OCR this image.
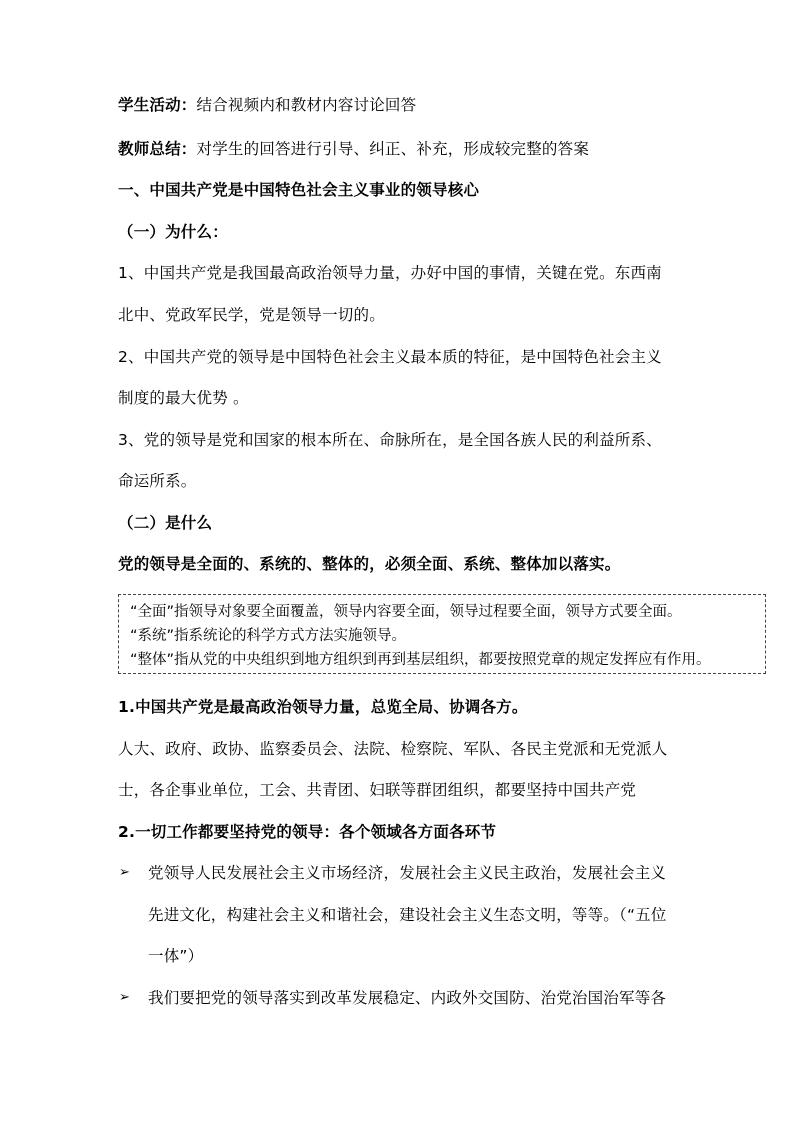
学生活动：结合视频内和教材内容讨论回答
教师总结：对学生的回答进行引导、纠正、补充，形成较完整的答案
一、中国共产党是中国特色社会主义事业的领导核心
（一）为什么：
1、中国共产党是我国最高政治领导力量，办好中国的事情，关键在党。东西南
北中、党政军民学，党是领导一切的。
2、中国共产党的领导是中国特色社会主义最本质的特征，是中国特色社会主义
制度的最大优势 。
3、党的领导是党和国家的根本所在、命脉所在，是全国各族人民的利益所系、
命运所系。
（二）是什么
党的领导是全面的、系统的、整体的，必须全面、系统、整体加以落实。
“全面”指领导对象要全面覆盖，领导内容要全面，领导过程要全面，领导方式要全面。
“系统”指系统论的科学方式方法实施领导。
“整体”指从党的中央组织到地方组织到再到基层组织，都要按照党章的规定发挥应有作用。
1.中国共产党是最高政治领导力量，总览全局、协调各方。
人大、政府、政协、监察委员会、法院、检察院、军队、各民主党派和无党派人
士，各企事业单位，工会、共青团、妇联等群团组织，都要坚持中国共产党
2.一切工作都要坚持党的领导：各个领域各方面各环节
➢ 党领导人民发展社会主义市场经济，发展社会主义民主政治，发展社会主义
先进文化，构建社会主义和谐社会，建设社会主义生态文明，等等。（“五位
一体”）
➢ 我们要把党的领导落实到改革发展稳定、内政外交国防、治党治国治军等各
